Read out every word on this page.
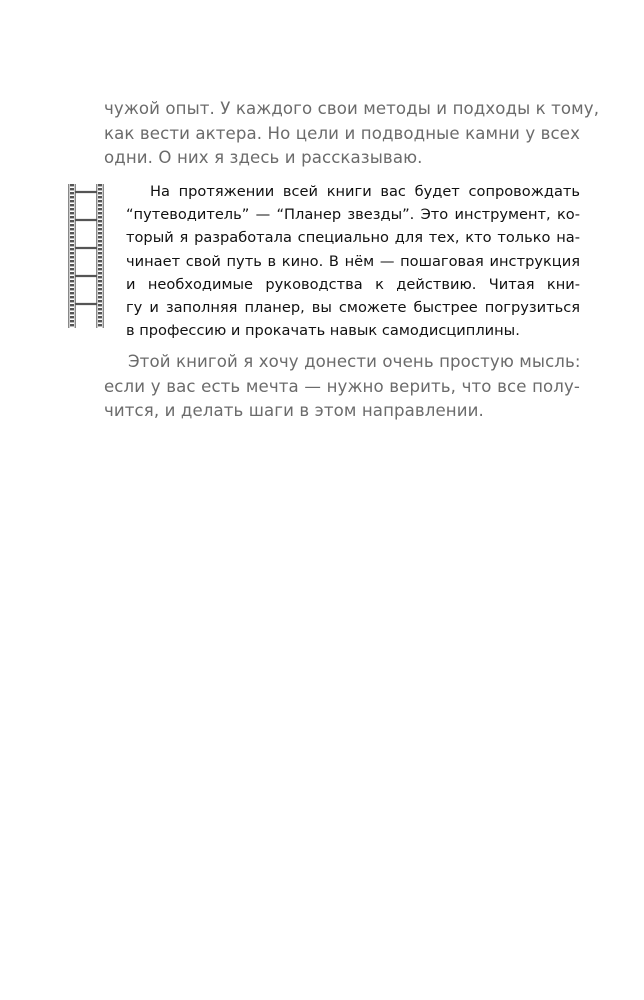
чужой опыт. У каждого свои методы и подходы к тому,
как вести актера. Но цели и подводные камни у всех
одни. О них я здесь и рассказываю.
На протяжении всей книги вас будет сопровождать
“путеводитель” — “Планер звезды”. Это инструмент, ко-
торый я разработала специально для тех, кто только на-
чинает свой путь в кино. В нём — пошаговая инструкция
и необходимые руководства к действию. Читая кни-
гу и заполняя планер, вы сможете быстрее погрузиться
в профессию и прокачать навык самодисциплины.
Этой книгой я хочу донести очень простую мысль:
если у вас есть мечта — нужно верить, что все полу-
чится, и делать шаги в этом направлении.
